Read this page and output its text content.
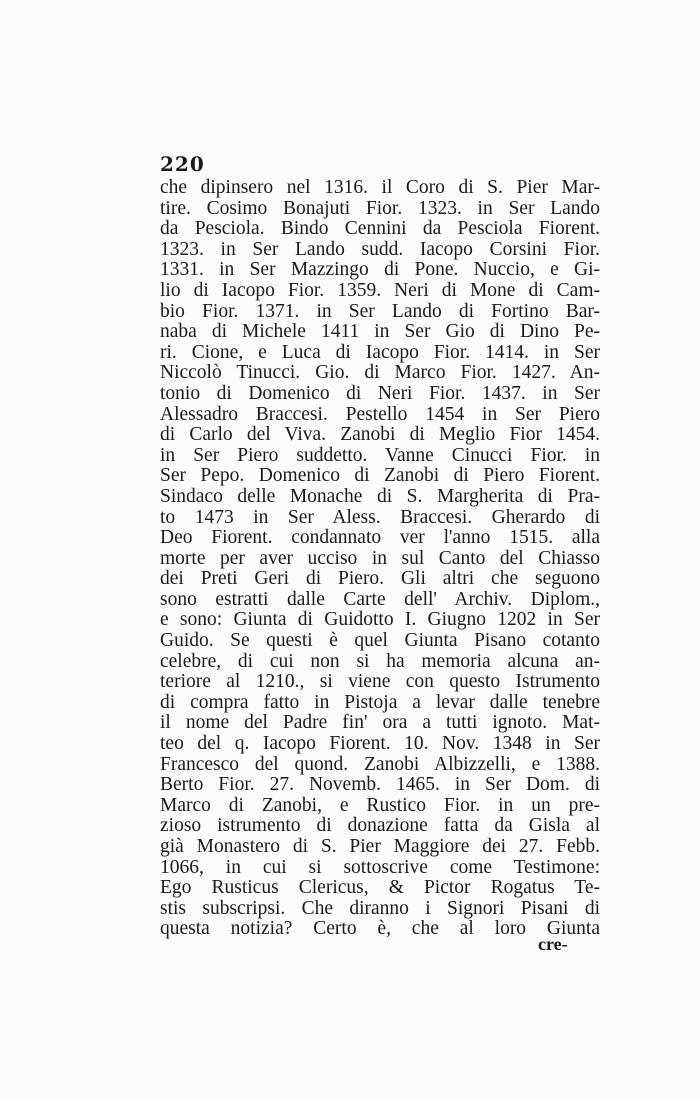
220
che dipinsero nel 1316. il Coro di S. Pier Mar-
tire. Cosimo Bonajuti Fior. 1323. in Ser Lando
da Pesciola. Bindo Cennini da Pesciola Fiorent.
1323. in Ser Lando sudd. Iacopo Corsini Fior.
1331. in Ser Mazzingo di Pone. Nuccio, e Gi-
lio di Iacopo Fior. 1359. Neri di Mone di Cam-
bio Fior. 1371. in Ser Lando di Fortino Bar-
naba di Michele 1411 in Ser Gio di Dino Pe-
ri. Cione, e Luca di Iacopo Fior. 1414. in Ser
Niccolò Tinucci. Gio. di Marco Fior. 1427. An-
tonio di Domenico di Neri Fior. 1437. in Ser
Alessadro Braccesi. Pestello 1454 in Ser Piero
di Carlo del Viva. Zanobi di Meglio Fior 1454.
in Ser Piero suddetto. Vanne Cinucci Fior. in
Ser Pepo. Domenico di Zanobi di Piero Fiorent.
Sindaco delle Monache di S. Margherita di Pra-
to 1473 in Ser Aless. Braccesi. Gherardo di
Deo Fiorent. condannato ver l'anno 1515. alla
morte per aver ucciso in sul Canto del Chiasso
dei Preti Geri di Piero. Gli altri che seguono
sono estratti dalle Carte dell' Archiv. Diplom.,
e sono: Giunta di Guidotto I. Giugno 1202 in Ser
Guido. Se questi è quel Giunta Pisano cotanto
celebre, di cui non si ha memoria alcuna an-
teriore al 1210., si viene con questo Istrumento
di compra fatto in Pistoja a levar dalle tenebre
il nome del Padre fin' ora a tutti ignoto. Mat-
teo del q. Iacopo Fiorent. 10. Nov. 1348 in Ser
Francesco del quond. Zanobi Albizzelli, e 1388.
Berto Fior. 27. Novemb. 1465. in Ser Dom. di
Marco di Zanobi, e Rustico Fior. in un pre-
zioso istrumento di donazione fatta da Gisla al
già Monastero di S. Pier Maggiore dei 27. Febb.
1066, in cui si sottoscrive come Testimone:
Ego Rusticus Clericus, & Pictor Rogatus Te-
stis subscripsi. Che diranno i Signori Pisani di
questa notizia? Certo è, che al loro Giunta
cre-
